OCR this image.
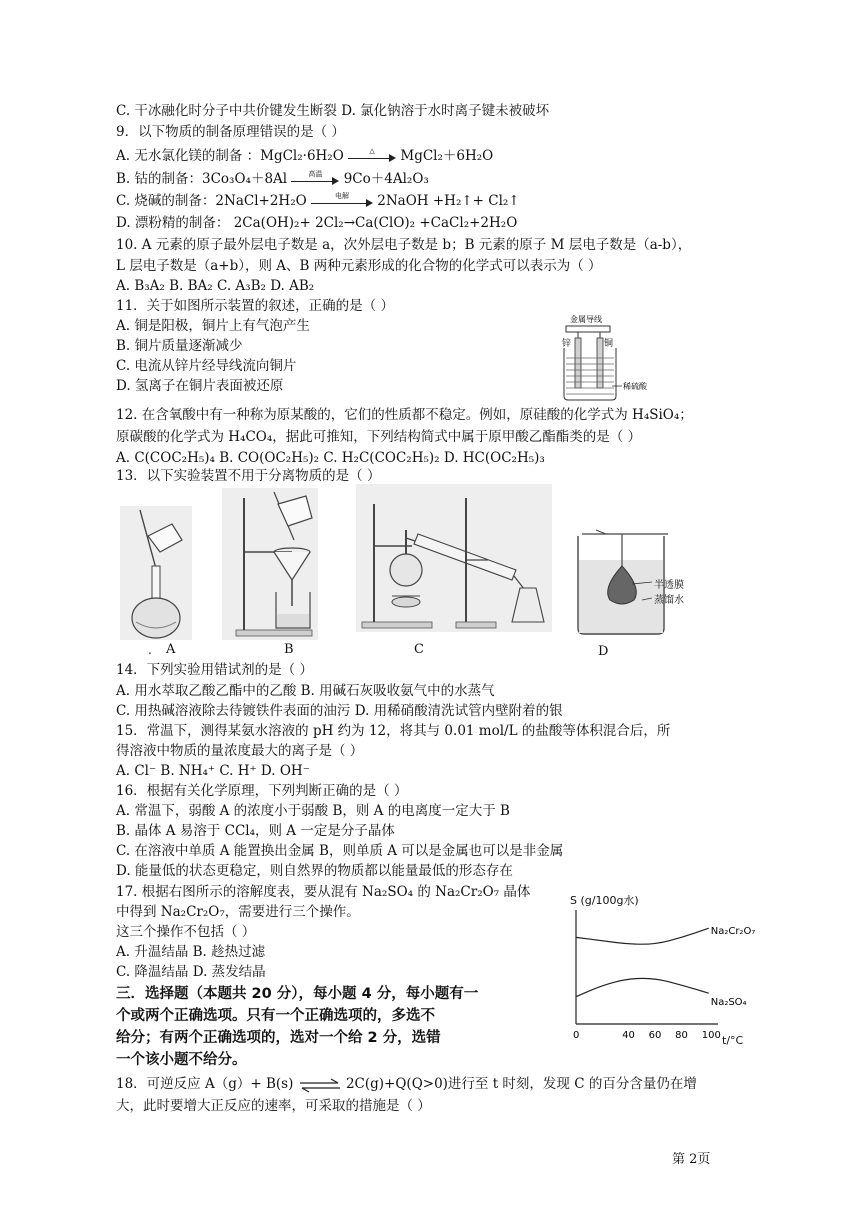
C. 干冰融化时分子中共价键发生断裂 D. 氯化钠溶于水时离子键未被破坏
9．以下物质的制备原理错误的是（ ）
A. 无水氯化镁的制备 ：MgCl₂·6H₂O	△	MgCl₂＋6H₂O
B. 钴的制备：3Co₃O₄＋8Al	高温	9Co＋4Al₂O₃
C. 烧碱的制备：2NaCl+2H₂O	电解	2NaOH +H₂↑+ Cl₂↑
D. 漂粉精的制备： 2Ca(OH)₂+ 2Cl₂→Ca(ClO)₂ +CaCl₂+2H₂O
10. A 元素的原子最外层电子数是 a，次外层电子数是 b；B 元素的原子 M 层电子数是（a-b），
L 层电子数是（a+b），则 A、B 两种元素形成的化合物的化学式可以表示为（ ）
A. B₃A₂ B. BA₂ C. A₃B₂ D. AB₂
11．关于如图所示装置的叙述，正确的是（ ）
A. 铜是阳极，铜片上有气泡产生
B. 铜片质量逐渐减少
C. 电流从锌片经导线流向铜片
D. 氢离子在铜片表面被还原
12. 在含氧酸中有一种称为原某酸的，它们的性质都不稳定。例如，原硅酸的化学式为 H₄SiO₄；
原碳酸的化学式为 H₄CO₄，据此可推知，下列结构简式中属于原甲酸乙酯酯类的是（ ）
A. C(COC₂H₅)₄ B. CO(OC₂H₅)₂ C. H₂C(COC₂H₅)₂ D. HC(OC₂H₅)₃
13．以下实验装置不用于分离物质的是（ ）
14．下列实验用错试剂的是（ ）
A. 用水萃取乙酸乙酯中的乙酸 B. 用碱石灰吸收氨气中的水蒸气
C. 用热碱溶液除去待镀铁件表面的油污 D. 用稀硝酸清洗试管内壁附着的银
15．常温下，测得某氨水溶液的 pH 约为 12，将其与 0.01 mol/L 的盐酸等体积混合后，所
得溶液中物质的量浓度最大的离子是（ ）
A. Cl⁻ B. NH₄⁺ C. H⁺ D. OH⁻
16．根据有关化学原理，下列判断正确的是（ ）
A. 常温下，弱酸 A 的浓度小于弱酸 B，则 A 的电离度一定大于 B
B. 晶体 A 易溶于 CCl₄，则 A 一定是分子晶体
C. 在溶液中单质 A 能置换出金属 B，则单质 A 可以是金属也可以是非金属
D. 能量低的状态更稳定，则自然界的物质都以能量最低的形态存在
17. 根据右图所示的溶解度表，要从混有 Na₂SO₄ 的 Na₂Cr₂O₇ 晶体
中得到 Na₂Cr₂O₇，需要进行三个操作。
这三个操作不包括（ ）
A. 升温结晶 B. 趁热过滤
C. 降温结晶 D. 蒸发结晶
三．选择题（本题共 20 分），每小题 4 分，每小题有一
个或两个正确选项。只有一个正确选项的，多选不
给分；有两个正确选项的，选对一个给 2 分，选错
一个该小题不给分。
18．可逆反应 A（g）+ B(s) ⇌ 2C(g)+Q(Q>0)进行至 t 时刻，发现 C 的百分含量仍在增
大，此时要增大正反应的速率，可采取的措施是（ ）
金属导线
锌	铜
稀硫酸
. A	B	C
半透膜
蒸馏水
D
S (g/100g水)
t/°C
0	40 60 80 100
Na₂Cr₂O₇
Na₂SO₄
第 2页
